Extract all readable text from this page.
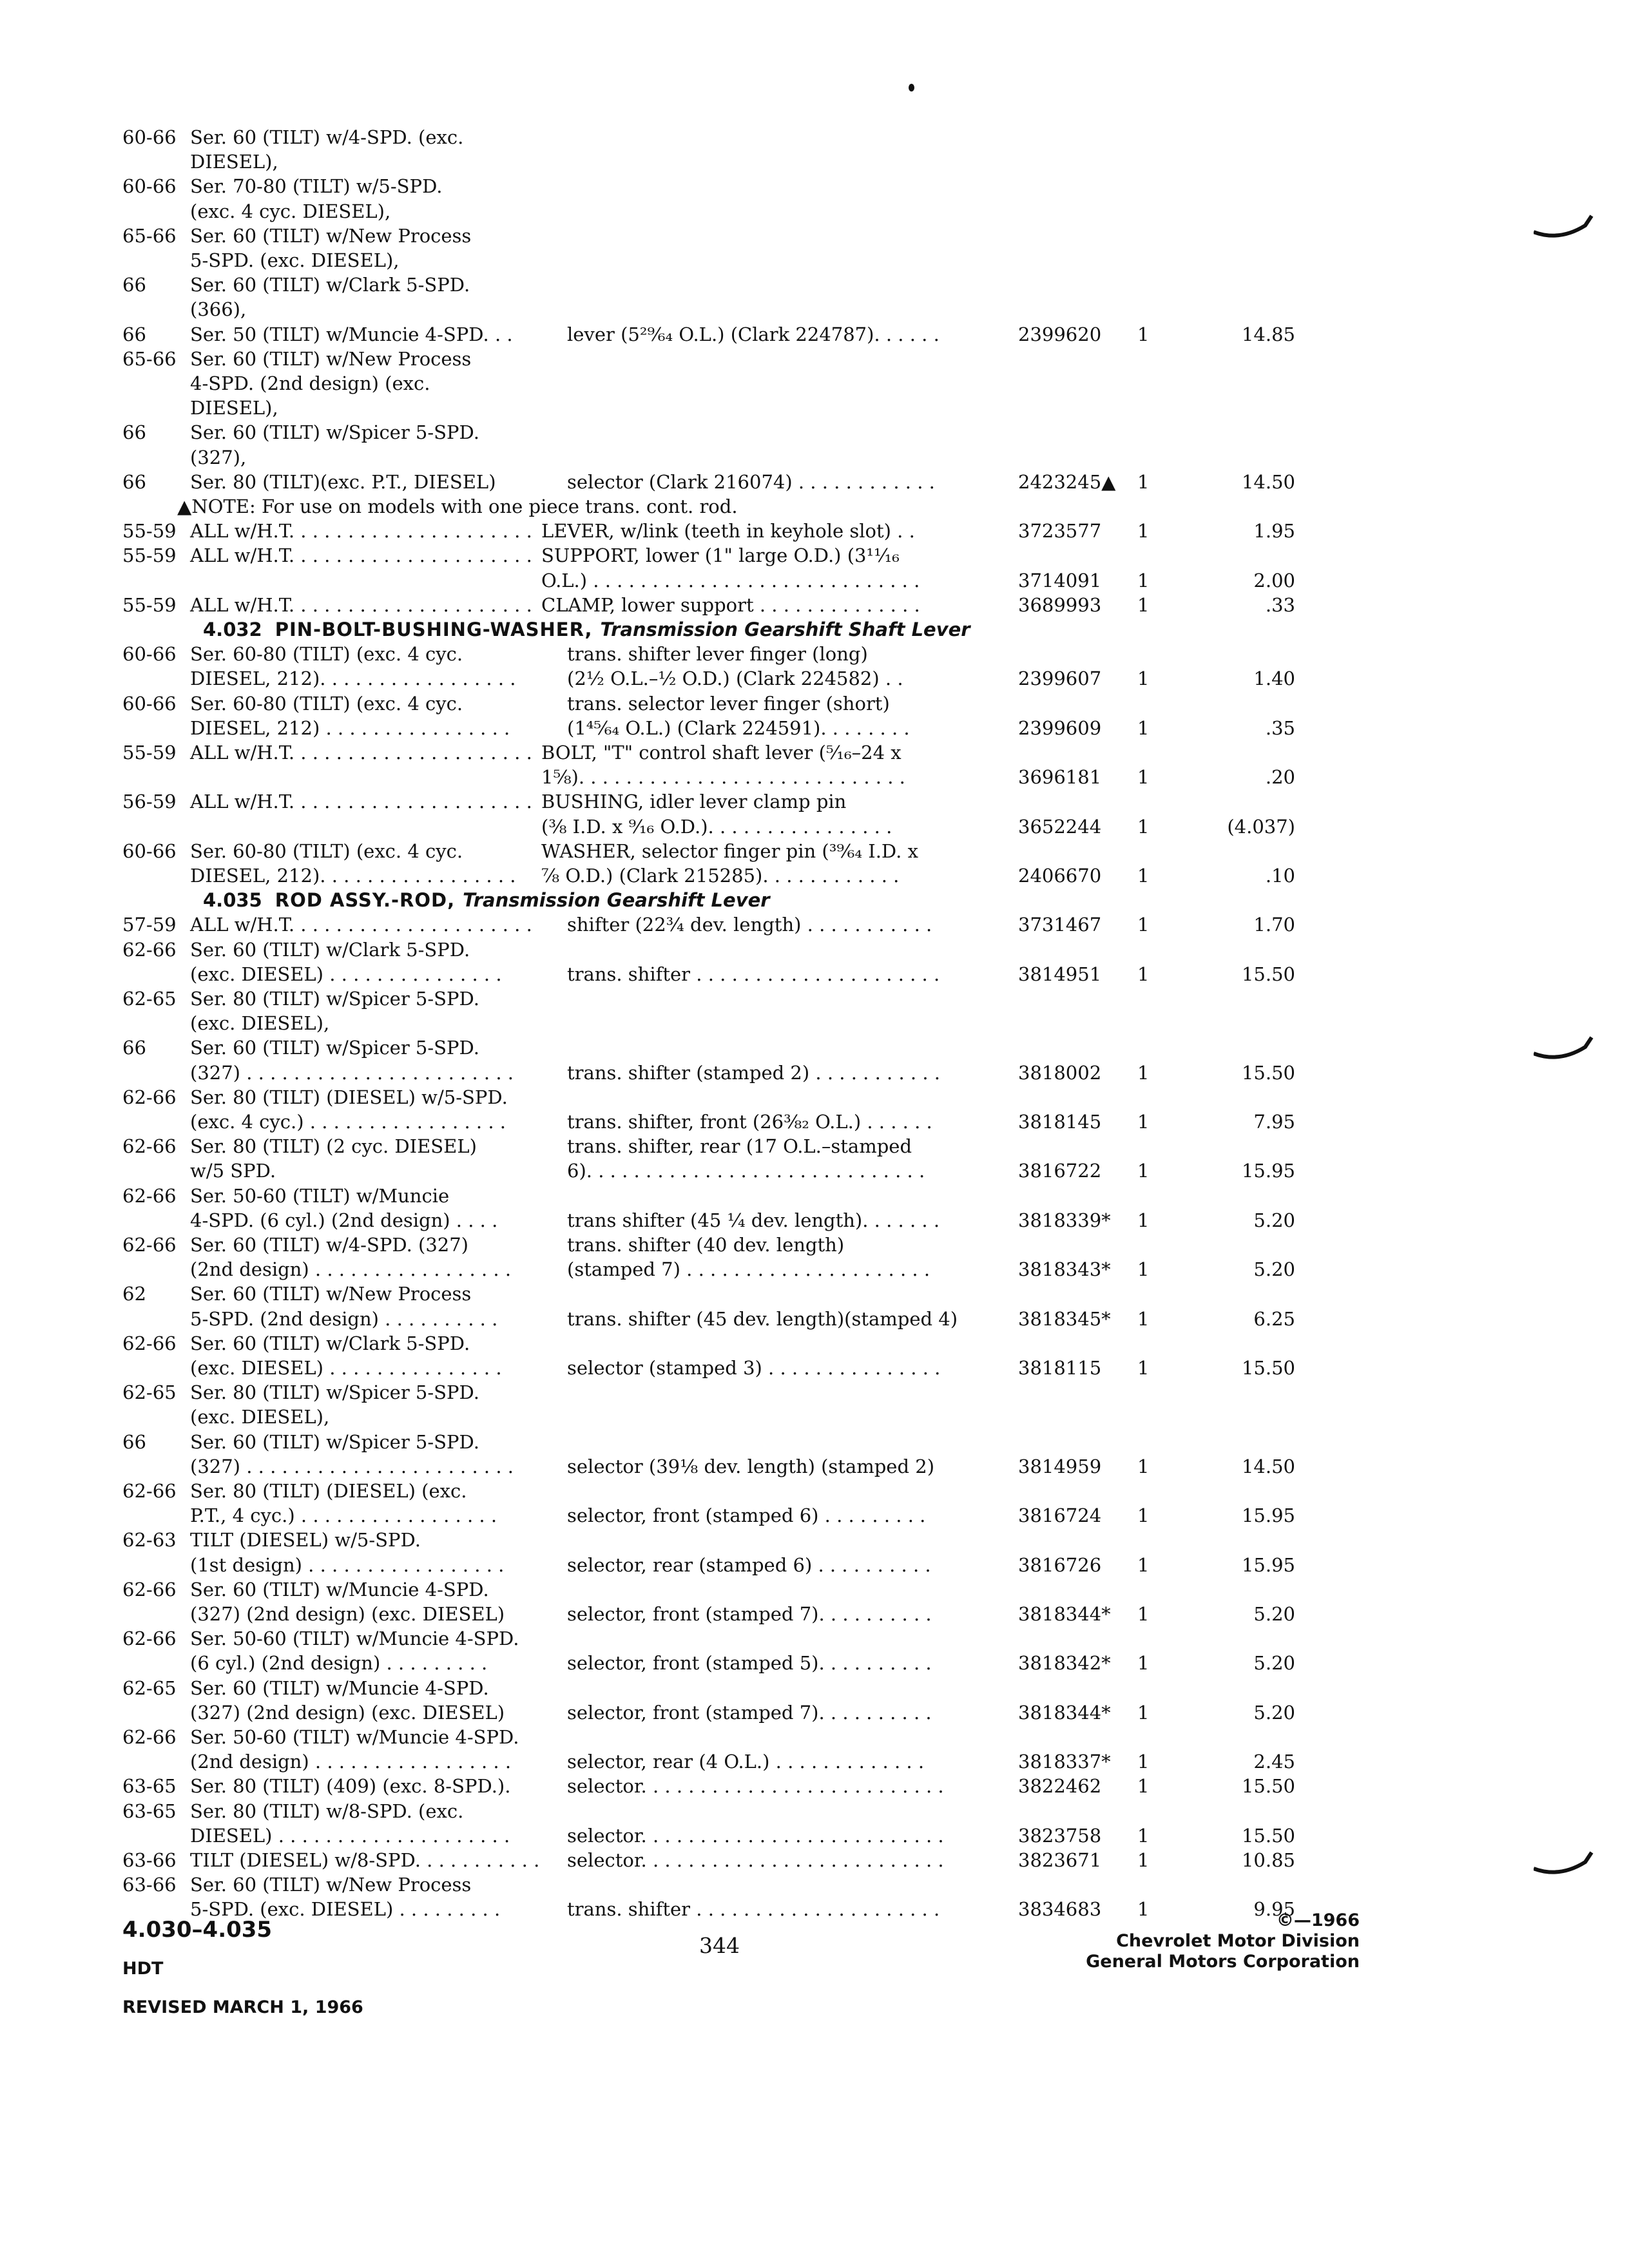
60-66 Ser. 60 (TILT) w/4-SPD. (exc.
DIESEL),
60-66 Ser. 70-80 (TILT) w/5-SPD.
(exc. 4 cyc. DIESEL),
65-66 Ser. 60 (TILT) w/New Process
5-SPD. (exc. DIESEL),
66 Ser. 60 (TILT) w/Clark 5-SPD.
(366),
66 Ser. 50 (TILT) w/Muncie 4-SPD. . .	lever (5²⁹⁄₆₄ O.L.) (Clark 224787). . . . . .	2399620 1	14.85
65-66 Ser. 60 (TILT) w/New Process
4-SPD. (2nd design) (exc.
DIESEL),
66 Ser. 60 (TILT) w/Spicer 5-SPD.
(327),
66 Ser. 80 (TILT)(exc. P.T., DIESEL)	selector (Clark 216074) . . . . . . . . . . . .	2423245▲ 1	14.50
▲NOTE: For use on models with one piece trans. cont. rod.
55-59 ALL w/H.T. . . . . . . . . . . . . . . . . . . . . LEVER, w/link (teeth in keyhole slot) . .	3723577 1	1.95
55-59 ALL w/H.T. . . . . . . . . . . . . . . . . . . . . SUPPORT, lower (1" large O.D.) (3¹¹⁄₁₆
O.L.) . . . . . . . . . . . . . . . . . . . . . . . . . . . .	3714091 1	2.00
55-59 ALL w/H.T. . . . . . . . . . . . . . . . . . . . . CLAMP, lower support . . . . . . . . . . . . . .	3689993 1	.33
4.032 PIN-BOLT-BUSHING-WASHER, Transmission Gearshift Shaft Lever
60-66 Ser. 60-80 (TILT) (exc. 4 cyc.	trans. shifter lever finger (long)
DIESEL, 212). . . . . . . . . . . . . . . . .	(2½ O.L.–½ O.D.) (Clark 224582) . .	2399607 1	1.40
60-66 Ser. 60-80 (TILT) (exc. 4 cyc.	trans. selector lever finger (short)
DIESEL, 212) . . . . . . . . . . . . . . . .	(1⁴⁵⁄₆₄ O.L.) (Clark 224591). . . . . . . .	2399609 1	.35
55-59 ALL w/H.T. . . . . . . . . . . . . . . . . . . . . BOLT, "T" control shaft lever (⁵⁄₁₆–24 x
1⅝). . . . . . . . . . . . . . . . . . . . . . . . . . . .	3696181 1	.20
56-59 ALL w/H.T. . . . . . . . . . . . . . . . . . . . . BUSHING, idler lever clamp pin
(⅜ I.D. x ⁹⁄₁₆ O.D.). . . . . . . . . . . . . . . .	3652244 1	(4.037)
60-66 Ser. 60-80 (TILT) (exc. 4 cyc.	WASHER, selector finger pin (³⁹⁄₆₄ I.D. x
DIESEL, 212). . . . . . . . . . . . . . . . . ⅞ O.D.) (Clark 215285). . . . . . . . . . . .	2406670 1	.10
4.035 ROD ASSY.-ROD, Transmission Gearshift Lever
57-59 ALL w/H.T. . . . . . . . . . . . . . . . . . . . . shifter (22¾ dev. length) . . . . . . . . . . .	3731467 1	1.70
62-66 Ser. 60 (TILT) w/Clark 5-SPD.
(exc. DIESEL) . . . . . . . . . . . . . . .	trans. shifter . . . . . . . . . . . . . . . . . . . . .	3814951 1	15.50
62-65 Ser. 80 (TILT) w/Spicer 5-SPD.
(exc. DIESEL),
66 Ser. 60 (TILT) w/Spicer 5-SPD.
(327) . . . . . . . . . . . . . . . . . . . . . . .	trans. shifter (stamped 2) . . . . . . . . . . .	3818002 1	15.50
62-66 Ser. 80 (TILT) (DIESEL) w/5-SPD.
(exc. 4 cyc.) . . . . . . . . . . . . . . . . .	trans. shifter, front (26⅜₂ O.L.) . . . . . .	3818145 1	7.95
62-66 Ser. 80 (TILT) (2 cyc. DIESEL)	trans. shifter, rear (17 O.L.–stamped
w/5 SPD.	6). . . . . . . . . . . . . . . . . . . . . . . . . . . . .	3816722 1	15.95
62-66 Ser. 50-60 (TILT) w/Muncie
4-SPD. (6 cyl.) (2nd design) . . . .	trans shifter (45 ¼ dev. length). . . . . . .	3818339* 1	5.20
62-66 Ser. 60 (TILT) w/4-SPD. (327)	trans. shifter (40 dev. length)
(2nd design) . . . . . . . . . . . . . . . . .	(stamped 7) . . . . . . . . . . . . . . . . . . . . .	3818343* 1	5.20
62 Ser. 60 (TILT) w/New Process
5-SPD. (2nd design) . . . . . . . . . .	trans. shifter (45 dev. length)(stamped 4)	3818345* 1	6.25
62-66 Ser. 60 (TILT) w/Clark 5-SPD.
(exc. DIESEL) . . . . . . . . . . . . . . .	selector (stamped 3) . . . . . . . . . . . . . . .	3818115 1	15.50
62-65 Ser. 80 (TILT) w/Spicer 5-SPD.
(exc. DIESEL),
66 Ser. 60 (TILT) w/Spicer 5-SPD.
(327) . . . . . . . . . . . . . . . . . . . . . . .	selector (39⅛ dev. length) (stamped 2)	3814959 1	14.50
62-66 Ser. 80 (TILT) (DIESEL) (exc.
P.T., 4 cyc.) . . . . . . . . . . . . . . . . .	selector, front (stamped 6) . . . . . . . . .	3816724 1	15.95
62-63 TILT (DIESEL) w/5-SPD.
(1st design) . . . . . . . . . . . . . . . . .	selector, rear (stamped 6) . . . . . . . . . .	3816726 1	15.95
62-66 Ser. 60 (TILT) w/Muncie 4-SPD.
(327) (2nd design) (exc. DIESEL)	selector, front (stamped 7). . . . . . . . . .	3818344* 1	5.20
62-66 Ser. 50-60 (TILT) w/Muncie 4-SPD.
(6 cyl.) (2nd design) . . . . . . . . .	selector, front (stamped 5). . . . . . . . . .	3818342* 1	5.20
62-65 Ser. 60 (TILT) w/Muncie 4-SPD.
(327) (2nd design) (exc. DIESEL)	selector, front (stamped 7). . . . . . . . . .	3818344* 1	5.20
62-66 Ser. 50-60 (TILT) w/Muncie 4-SPD.
(2nd design) . . . . . . . . . . . . . . . . .	selector, rear (4 O.L.) . . . . . . . . . . . . .	3818337* 1	2.45
63-65 Ser. 80 (TILT) (409) (exc. 8-SPD.).	selector. . . . . . . . . . . . . . . . . . . . . . . . . .	3822462 1	15.50
63-65 Ser. 80 (TILT) w/8-SPD. (exc.
DIESEL) . . . . . . . . . . . . . . . . . . . .	selector. . . . . . . . . . . . . . . . . . . . . . . . . .	3823758 1	15.50
63-66 TILT (DIESEL) w/8-SPD. . . . . . . . . . . selector. . . . . . . . . . . . . . . . . . . . . . . . . .	3823671 1	10.85
63-66 Ser. 60 (TILT) w/New Process
5-SPD. (exc. DIESEL) . . . . . . . . .	trans. shifter . . . . . . . . . . . . . . . . . . . . .	3834683 1	9.95
4.030–4.035
HDT
REVISED MARCH 1, 1966
344
©—1966
Chevrolet Motor Division
General Motors Corporation
